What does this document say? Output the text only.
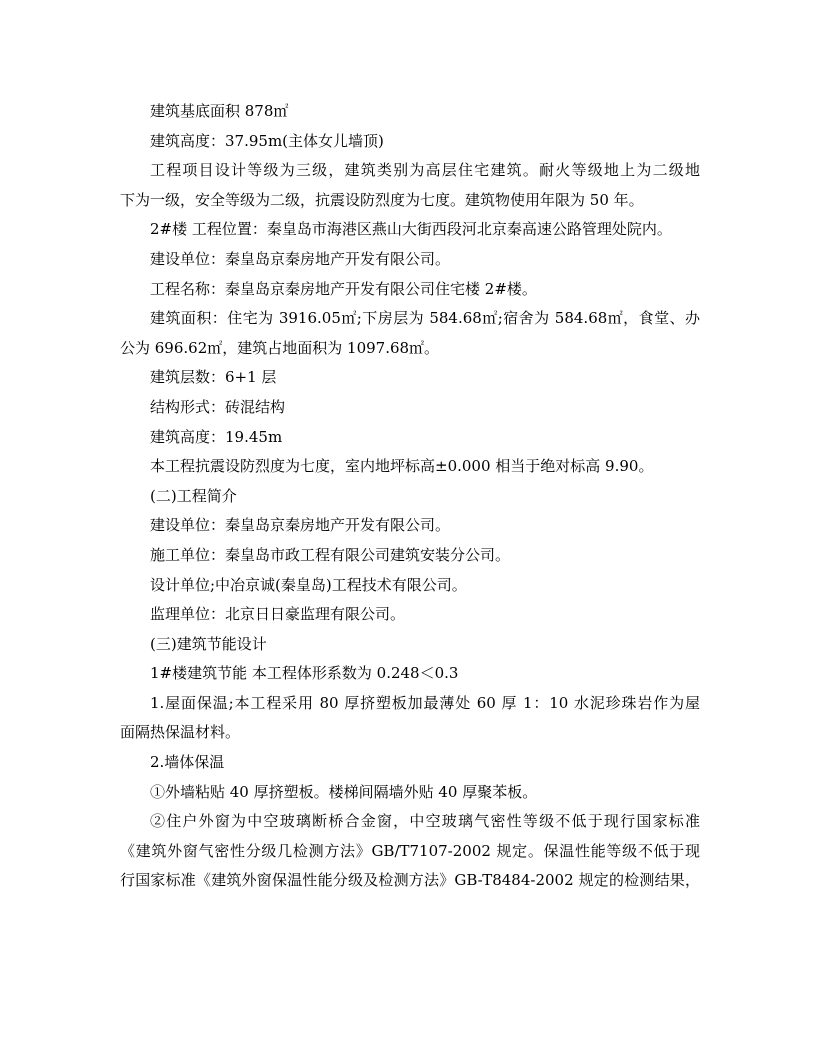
建筑基底面积 878㎡
建筑高度：37.95m(主体女儿墙顶)
工程项目设计等级为三级，建筑类别为高层住宅建筑。耐火等级地上为二级地
下为一级，安全等级为二级，抗震设防烈度为七度。建筑物使用年限为 50 年。
2#楼 工程位置：秦皇岛市海港区燕山大街西段河北京秦高速公路管理处院内。
建设单位：秦皇岛京秦房地产开发有限公司。
工程名称：秦皇岛京秦房地产开发有限公司住宅楼 2#楼。
建筑面积：住宅为 3916.05㎡;下房层为 584.68㎡;宿舍为 584.68㎡，食堂、办
公为 696.62㎡，建筑占地面积为 1097.68㎡。
建筑层数：6+1 层
结构形式：砖混结构
建筑高度：19.45m
本工程抗震设防烈度为七度，室内地坪标高±0.000 相当于绝对标高 9.90。
(二)工程简介
建设单位：秦皇岛京秦房地产开发有限公司。
施工单位：秦皇岛市政工程有限公司建筑安装分公司。
设计单位;中冶京诚(秦皇岛)工程技术有限公司。
监理单位：北京日日豪监理有限公司。
(三)建筑节能设计
1#楼建筑节能 本工程体形系数为 0.248＜0.3
1.屋面保温;本工程采用 80 厚挤塑板加最薄处 60 厚 1：10 水泥珍珠岩作为屋
面隔热保温材料。
2.墙体保温
①外墙粘贴 40 厚挤塑板。楼梯间隔墙外贴 40 厚聚苯板。
②住户外窗为中空玻璃断桥合金窗，中空玻璃气密性等级不低于现行国家标准
《建筑外窗气密性分级几检测方法》GB/T7107-2002 规定。保温性能等级不低于现
行国家标准《建筑外窗保温性能分级及检测方法》GB-T8484-2002 规定的检测结果，
